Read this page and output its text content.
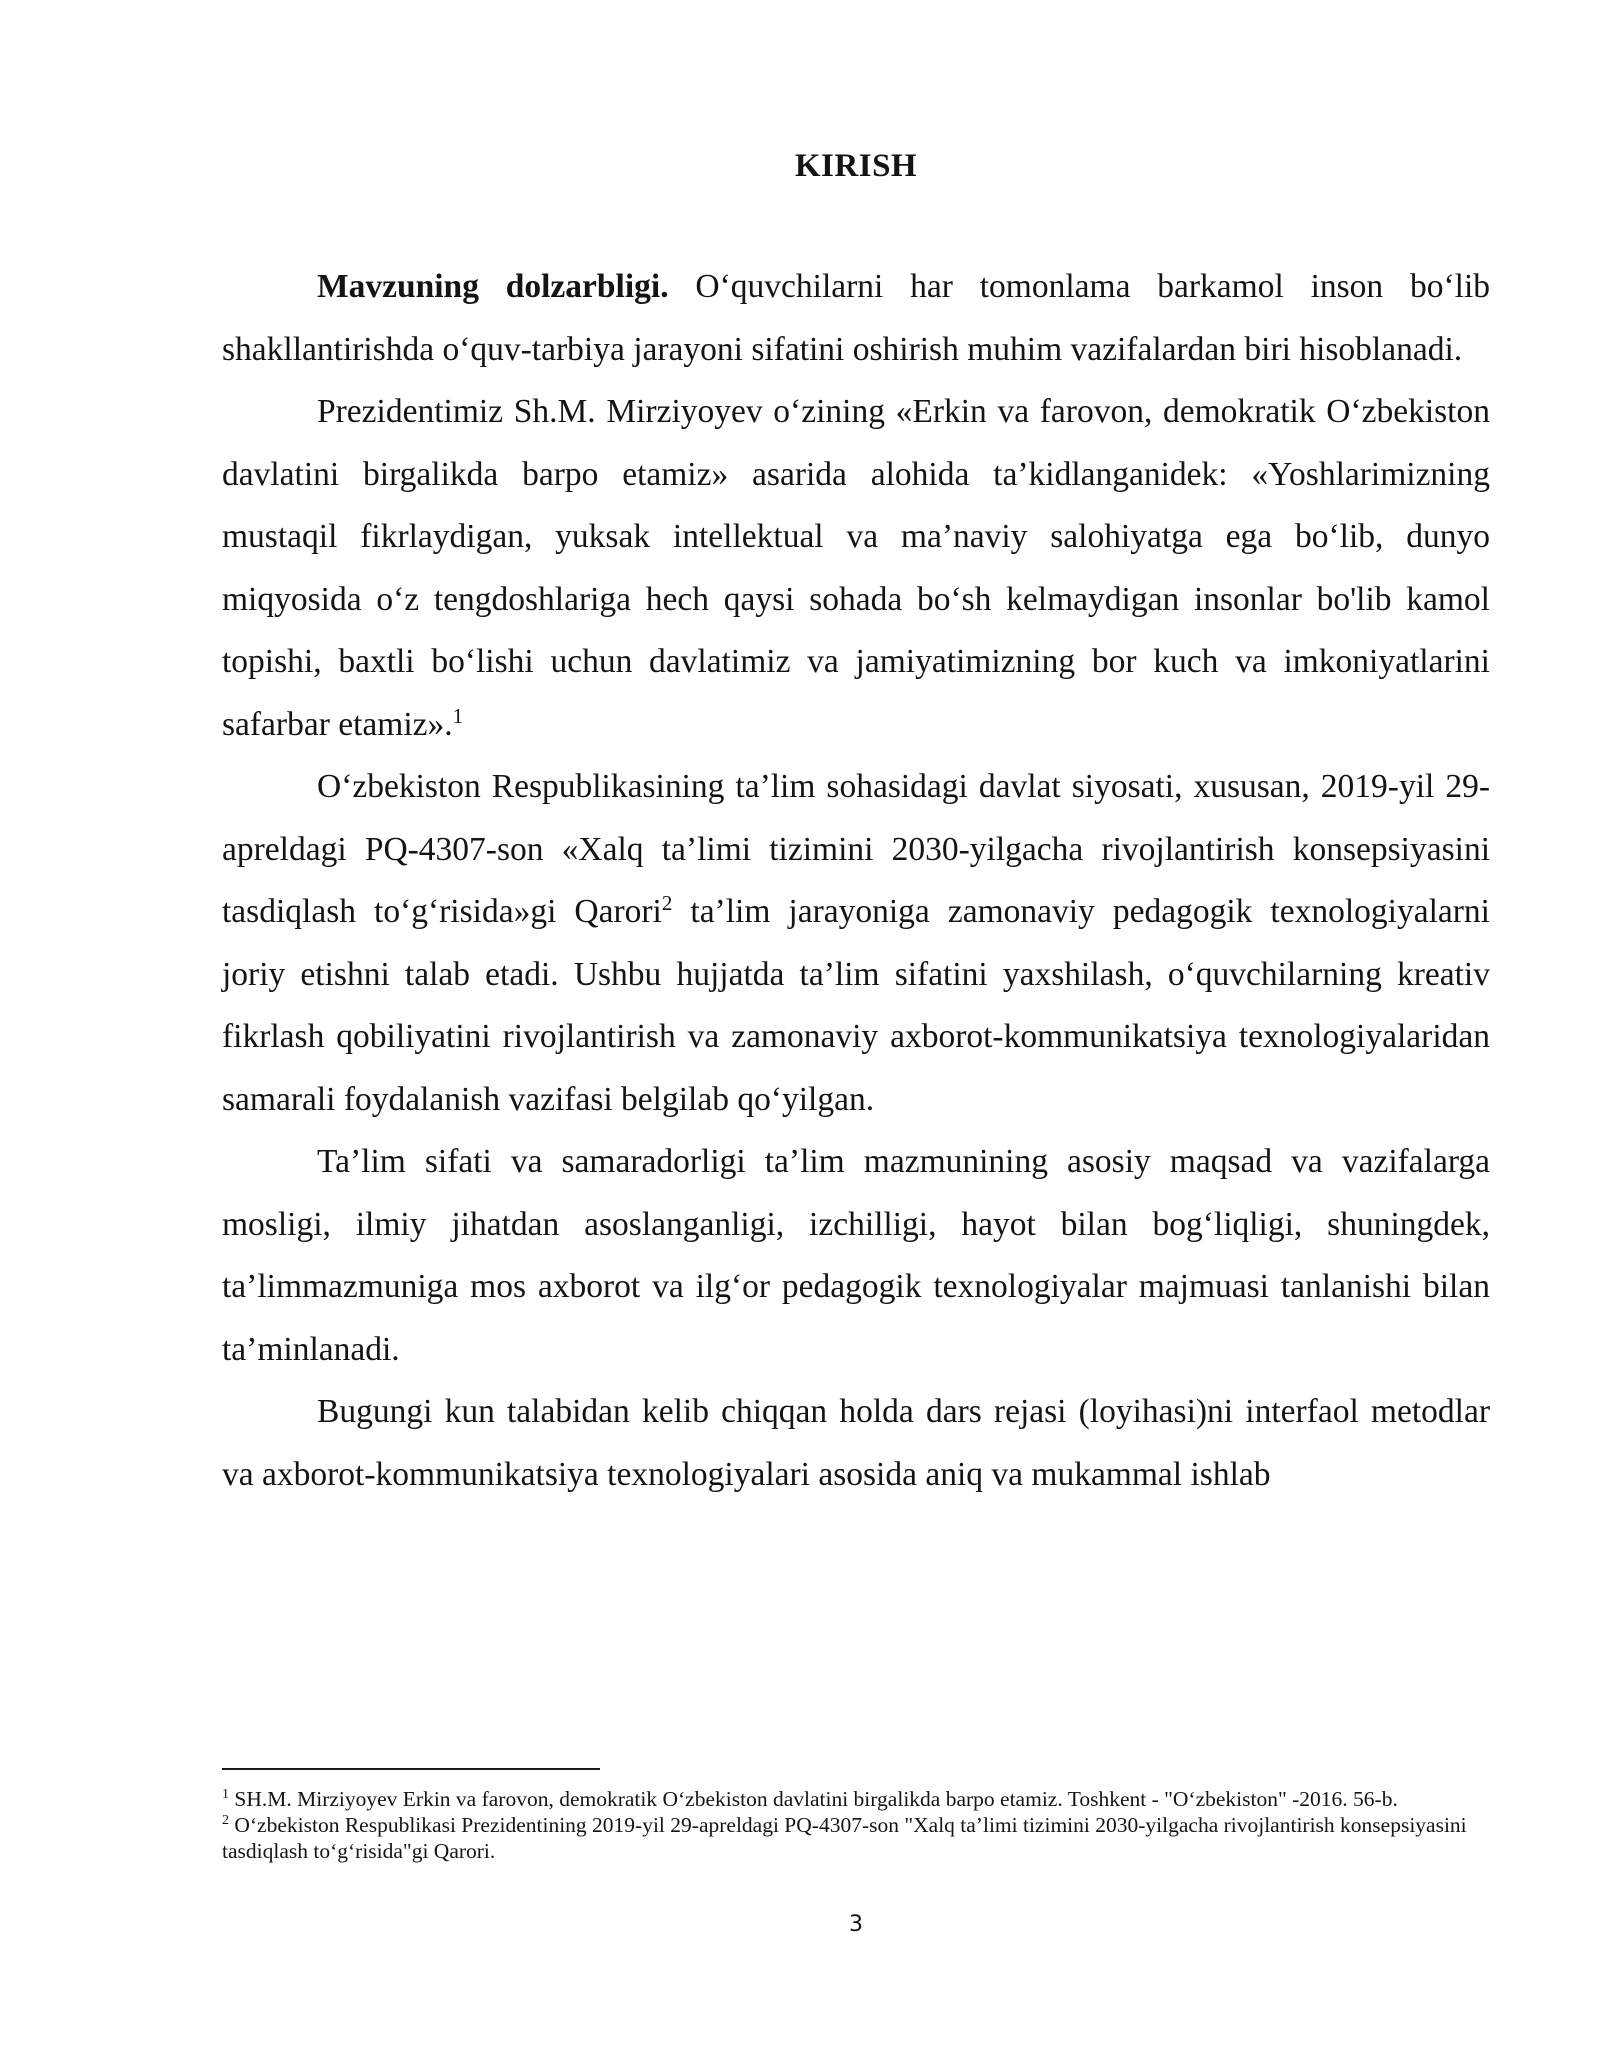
KIRISH

Mavzuning dolzarbligi. O‘quvchilarni har tomonlama barkamol inson bo‘lib shakllantirishda o‘quv-tarbiya jarayoni sifatini oshirish muhim vazifalardan biri hisoblanadi.

Prezidentimiz Sh.M. Mirziyoyev o‘zining «Erkin va farovon, demokratik O‘zbekiston davlatini birgalikda barpo etamiz» asarida alohida ta’kidlanganidek: «Yoshlarimizning mustaqil fikrlaydigan, yuksak intellektual va ma’naviy salohiyatga ega bo‘lib, dunyo miqyosida o‘z tengdoshlariga hech qaysi sohada bo‘sh kelmaydigan insonlar bo'lib kamol topishi, baxtli bo‘lishi uchun davlatimiz va jamiyatimizning bor kuch va imkoniyatlarini safarbar etamiz».$^1$

O‘zbekiston Respublikasining ta’lim sohasidagi davlat siyosati, xususan, 2019-yil 29-apreldagi PQ-4307-son «Xalq ta’limi tizimini 2030-yilgacha rivojlantirish konsepsiyasini tasdiqlash to‘g‘risida»gi Qarori$^2$ ta’lim jarayoniga zamonaviy pedagogik texnologiyalarni joriy etishni talab etadi. Ushbu hujjatda ta’lim sifatini yaxshilash, o‘quvchilarning kreativ fikrlash qobiliyatini rivojlantirish va zamonaviy axborot-kommunikatsiya texnologiyalaridan samarali foydalanish vazifasi belgilab qo‘yilgan.

Ta’lim sifati va samaradorligi ta’lim mazmunining asosiy maqsad va vazifalarga mosligi, ilmiy jihatdan asoslanganligi, izchilligi, hayot bilan bog‘liqligi, shuningdek, ta’limmazmuniga mos axborot va ilg‘or pedagogik texnologiyalar majmuasi tanlanishi bilan ta’minlanadi.

Bugungi kun talabidan kelib chiqqan holda dars rejasi (loyihasi)ni interfaol metodlar va axborot-kommunikatsiya texnologiyalari asosida aniq va mukammal ishlab

$^1$ SH.M. Mirziyoyev Erkin va farovon, demokratik O‘zbekiston davlatini birgalikda barpo etamiz. Toshkent - "O‘zbekiston" -2016. 56-b.

$^2$ O‘zbekiston Respublikasi Prezidentining 2019-yil 29-apreldagi PQ-4307-son "Xalq ta’limi tizimini 2030-yilgacha rivojlantirish konsepsiyasini tasdiqlash to‘g‘risida"gi Qarori.

3
